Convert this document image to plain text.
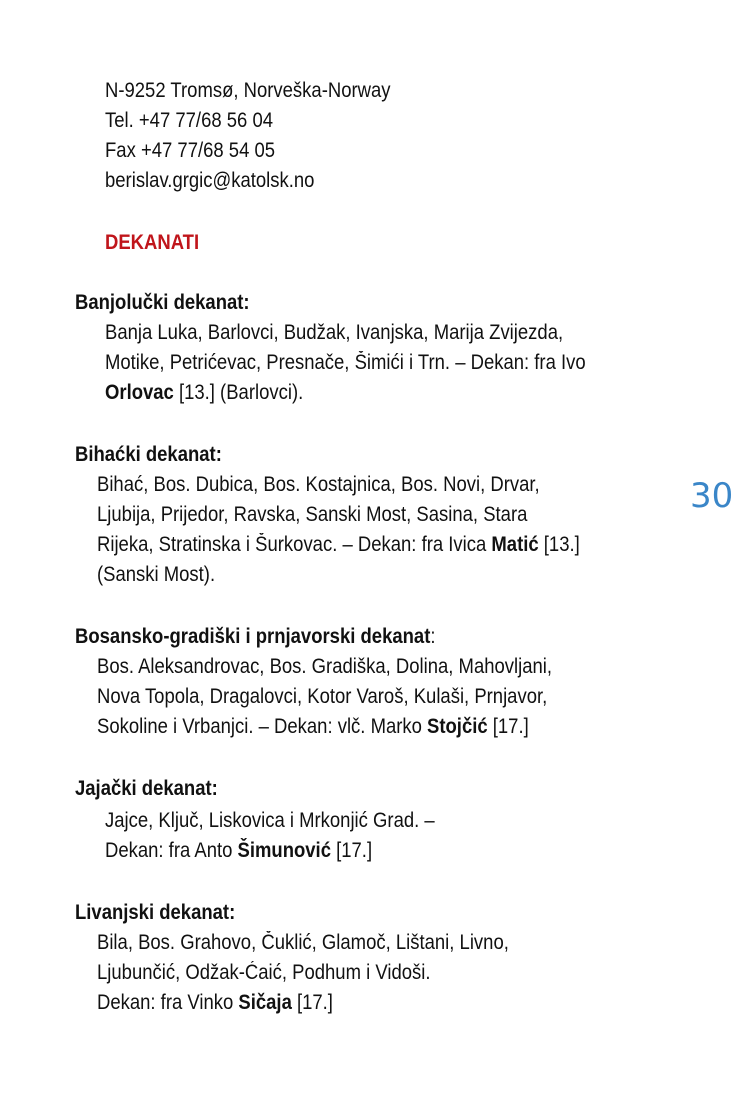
N-9252 Tromsø, Norveška-Norway
Tel. +47 77/68 56 04
Fax +47 77/68 54 05
berislav.grgic@katolsk.no
DEKANATI
Banjolučki dekanat:
Banja Luka, Barlovci, Budžak, Ivanjska, Marija Zvijezda,
Motike, Petrićevac, Presnače, Šimići i Trn. – Dekan: fra Ivo
Orlovac [13.] (Barlovci).
Bihaćki dekanat:
Bihać, Bos. Dubica, Bos. Kostajnica, Bos. Novi, Drvar,
Ljubija, Prijedor, Ravska, Sanski Most, Sasina, Stara
Rijeka, Stratinska i Šurkovac. – Dekan: fra Ivica Matić [13.]
(Sanski Most).
Bosansko-gradiški i prnjavorski dekanat:
Bos. Aleksandrovac, Bos. Gradiška, Dolina, Mahovljani,
Nova Topola, Dragalovci, Kotor Varoš, Kulaši, Prnjavor,
Sokoline i Vrbanjci. – Dekan: vlč. Marko Stojčić [17.]
Jajački dekanat:
Jajce, Ključ, Liskovica i Mrkonjić Grad. –
Dekan: fra Anto Šimunović [17.]
Livanjski dekanat:
Bila, Bos. Grahovo, Čuklić, Glamoč, Lištani, Livno,
Ljubunčić, Odžak-Ćaić, Podhum i Vidoši.
Dekan: fra Vinko Sičaja [17.]
30
